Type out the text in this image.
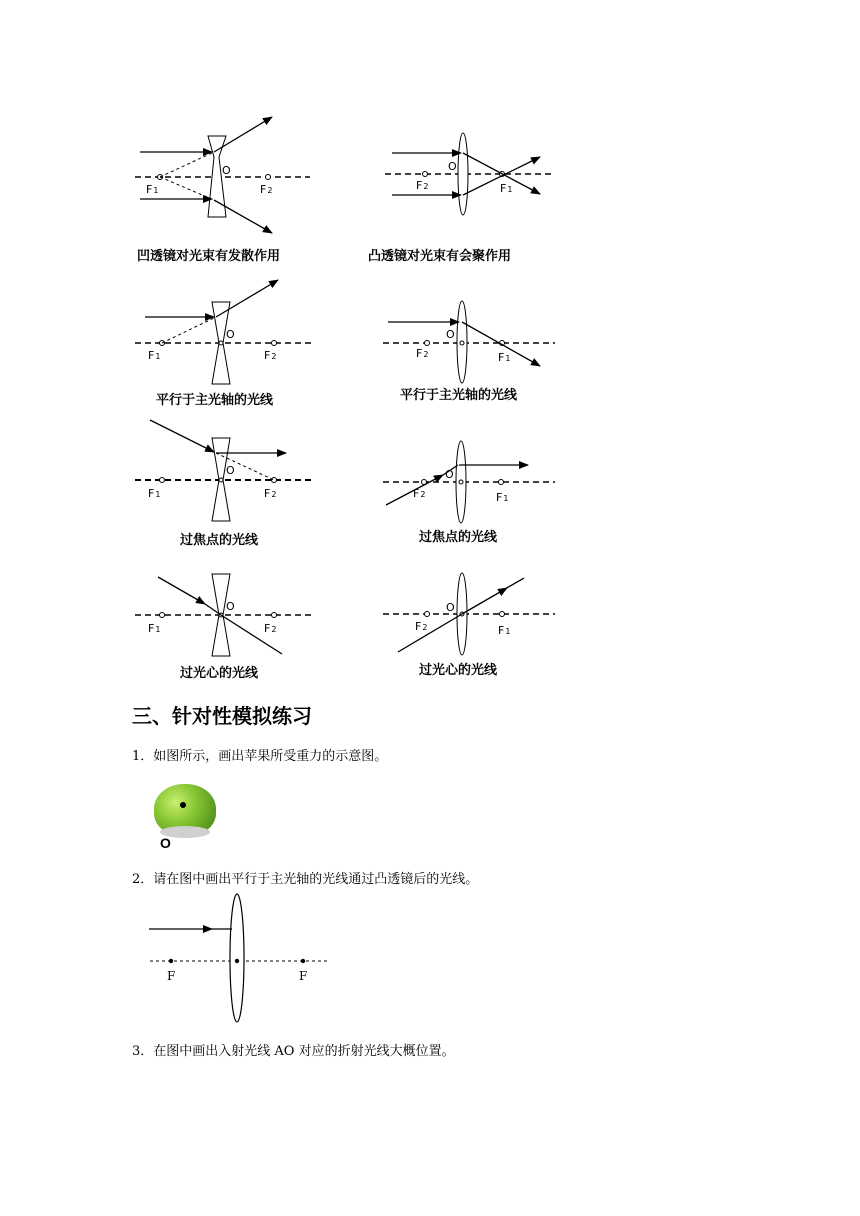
O
F1	F2
O
F2	F1
O
F1	F2
O
F2	F1
O
F1	F2
O
F2	F1
O
F1	F2
O
F2	F1
F	F
凹透镜对光束有发散作用	凸透镜对光束有会聚作用
平行于主光轴的光线	平行于主光轴的光线
过焦点的光线	过焦点的光线
过光心的光线	过光心的光线
三、针对性模拟练习
1．如图所示，画出苹果所受重力的示意图。
O
2．请在图中画出平行于主光轴的光线通过凸透镜后的光线。
3．在图中画出入射光线 AO 对应的折射光线大概位置。
